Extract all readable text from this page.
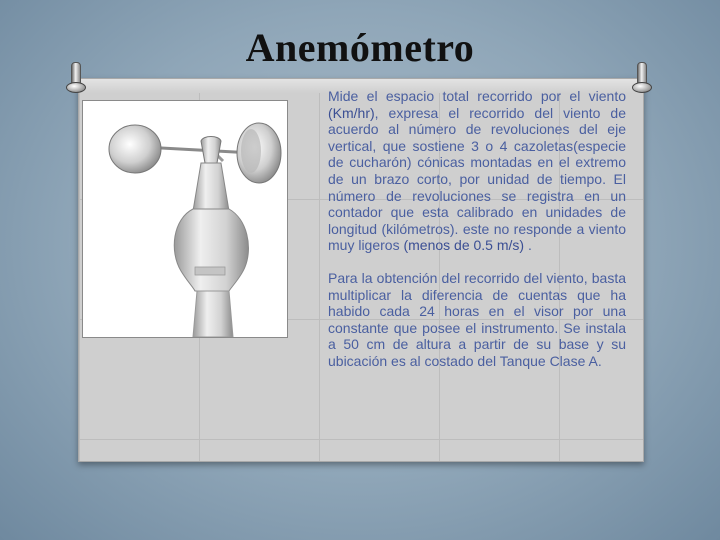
Anemómetro

Mide el espacio total recorrido por el viento (Km/hr), expresa el recorrido del viento de acuerdo al número de revoluciones del eje vertical, que sostiene 3 o 4 cazoletas(especie de cucharón) cónicas montadas en el extremo de un brazo corto, por unidad de tiempo. El número de revoluciones se registra en un contador que esta calibrado en unidades de longitud (kilómetros). este no responde a viento muy ligeros (menos de 0.5 m/s) .

Para la obtención del recorrido del viento, basta multiplicar la diferencia de cuentas que ha habido cada 24 horas en el visor por una constante que posee el instrumento. Se instala a 50 cm de altura a partir de su base y su ubicación es al costado del Tanque Clase A.
